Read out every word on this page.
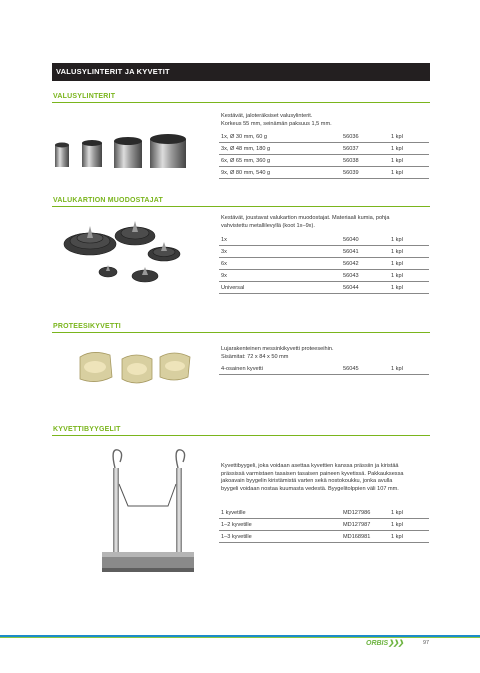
VALUSYLINTERIT JA KYVETIT
VALUSYLINTERIT
Kestävät, jaloteräksiset valusylinterit.
Korkeus 55 mm, seinämän paksuus 1,5 mm.
1x, Ø 30 mm, 60 g	56036	1 kpl
3x, Ø 48 mm, 180 g	56037	1 kpl
6x, Ø 65 mm, 360 g	56038	1 kpl
9x, Ø 80 mm, 540 g	56039	1 kpl
VALUKARTION MUODOSTAJAT
Kestävät, joustavat valukartion muodostajat. Materiaali kumia, pohja
vahvistettu metallilevyllä (koot 1x–9x).
1x	56040	1 kpl
3x	56041	1 kpl
6x	56042	1 kpl
9x	56043	1 kpl
Universal	56044	1 kpl
PROTEESIKYVETTI
Lujarakenteinen messinkikyvetti proteeseihin.
Sisämitat: 72 x 84 x 50 mm
4-osainen kyvetti	56045	1 kpl
KYVETTIBYYGELIT
Kyvettibyygeli, joka voidaan asettaa kyvettien kanssa prässiin ja kiristää
prässissä varmistaen tasaisen tasaisen paineen kyvetissä. Pakkauksessa
jakoavain byygelin kiristämistä varten sekä nostokoukku, jonka avulla
byygeli voidaan nostaa kuumasta vedestä. Byygelitolppien väli 107 mm.
1 kyvetille	MD127986	1 kpl
1–2 kyvetille	MD127987	1 kpl
1–3 kyvetille	MD168981	1 kpl
ORBIS❯❯❯	97
